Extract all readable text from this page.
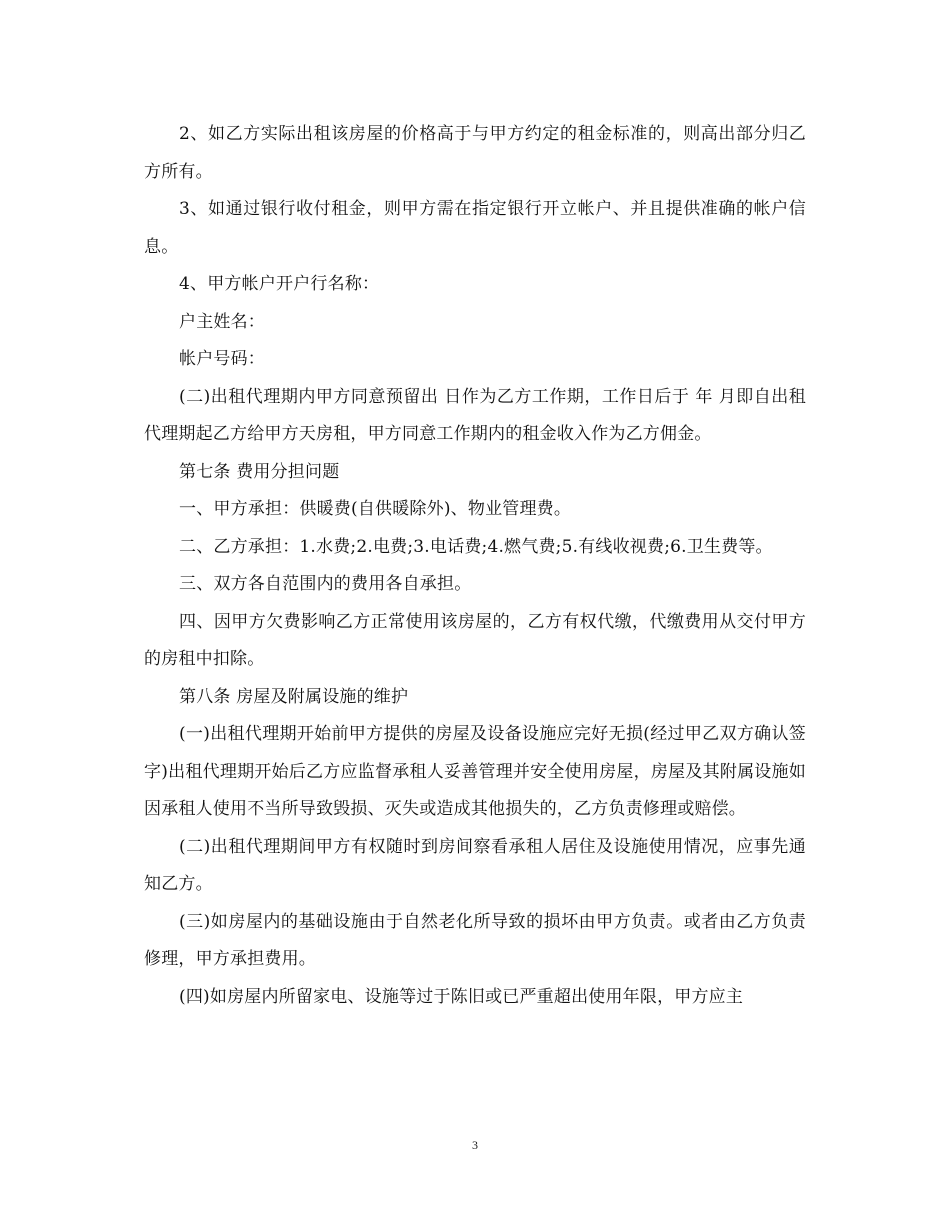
2、如乙方实际出租该房屋的价格高于与甲方约定的租金标准的，则高出部分归乙方所有。

3、如通过银行收付租金，则甲方需在指定银行开立帐户、并且提供准确的帐户信息。

4、甲方帐户开户行名称：

户主姓名：

帐户号码：

(二)出租代理期内甲方同意预留出 日作为乙方工作期，工作日后于 年 月即自出租代理期起乙方给甲方天房租，甲方同意工作期内的租金收入作为乙方佣金。

第七条 费用分担问题

一、甲方承担：供暖费(自供暖除外)、物业管理费。

二、乙方承担：1.水费;2.电费;3.电话费;4.燃气费;5.有线收视费;6.卫生费等。

三、双方各自范围内的费用各自承担。

四、因甲方欠费影响乙方正常使用该房屋的，乙方有权代缴，代缴费用从交付甲方的房租中扣除。

第八条 房屋及附属设施的维护

(一)出租代理期开始前甲方提供的房屋及设备设施应完好无损(经过甲乙双方确认签字)出租代理期开始后乙方应监督承租人妥善管理并安全使用房屋，房屋及其附属设施如因承租人使用不当所导致毁损、灭失或造成其他损失的，乙方负责修理或赔偿。

(二)出租代理期间甲方有权随时到房间察看承租人居住及设施使用情况，应事先通知乙方。

(三)如房屋内的基础设施由于自然老化所导致的损坏由甲方负责。或者由乙方负责修理，甲方承担费用。

(四)如房屋内所留家电、设施等过于陈旧或已严重超出使用年限，甲方应主

3
